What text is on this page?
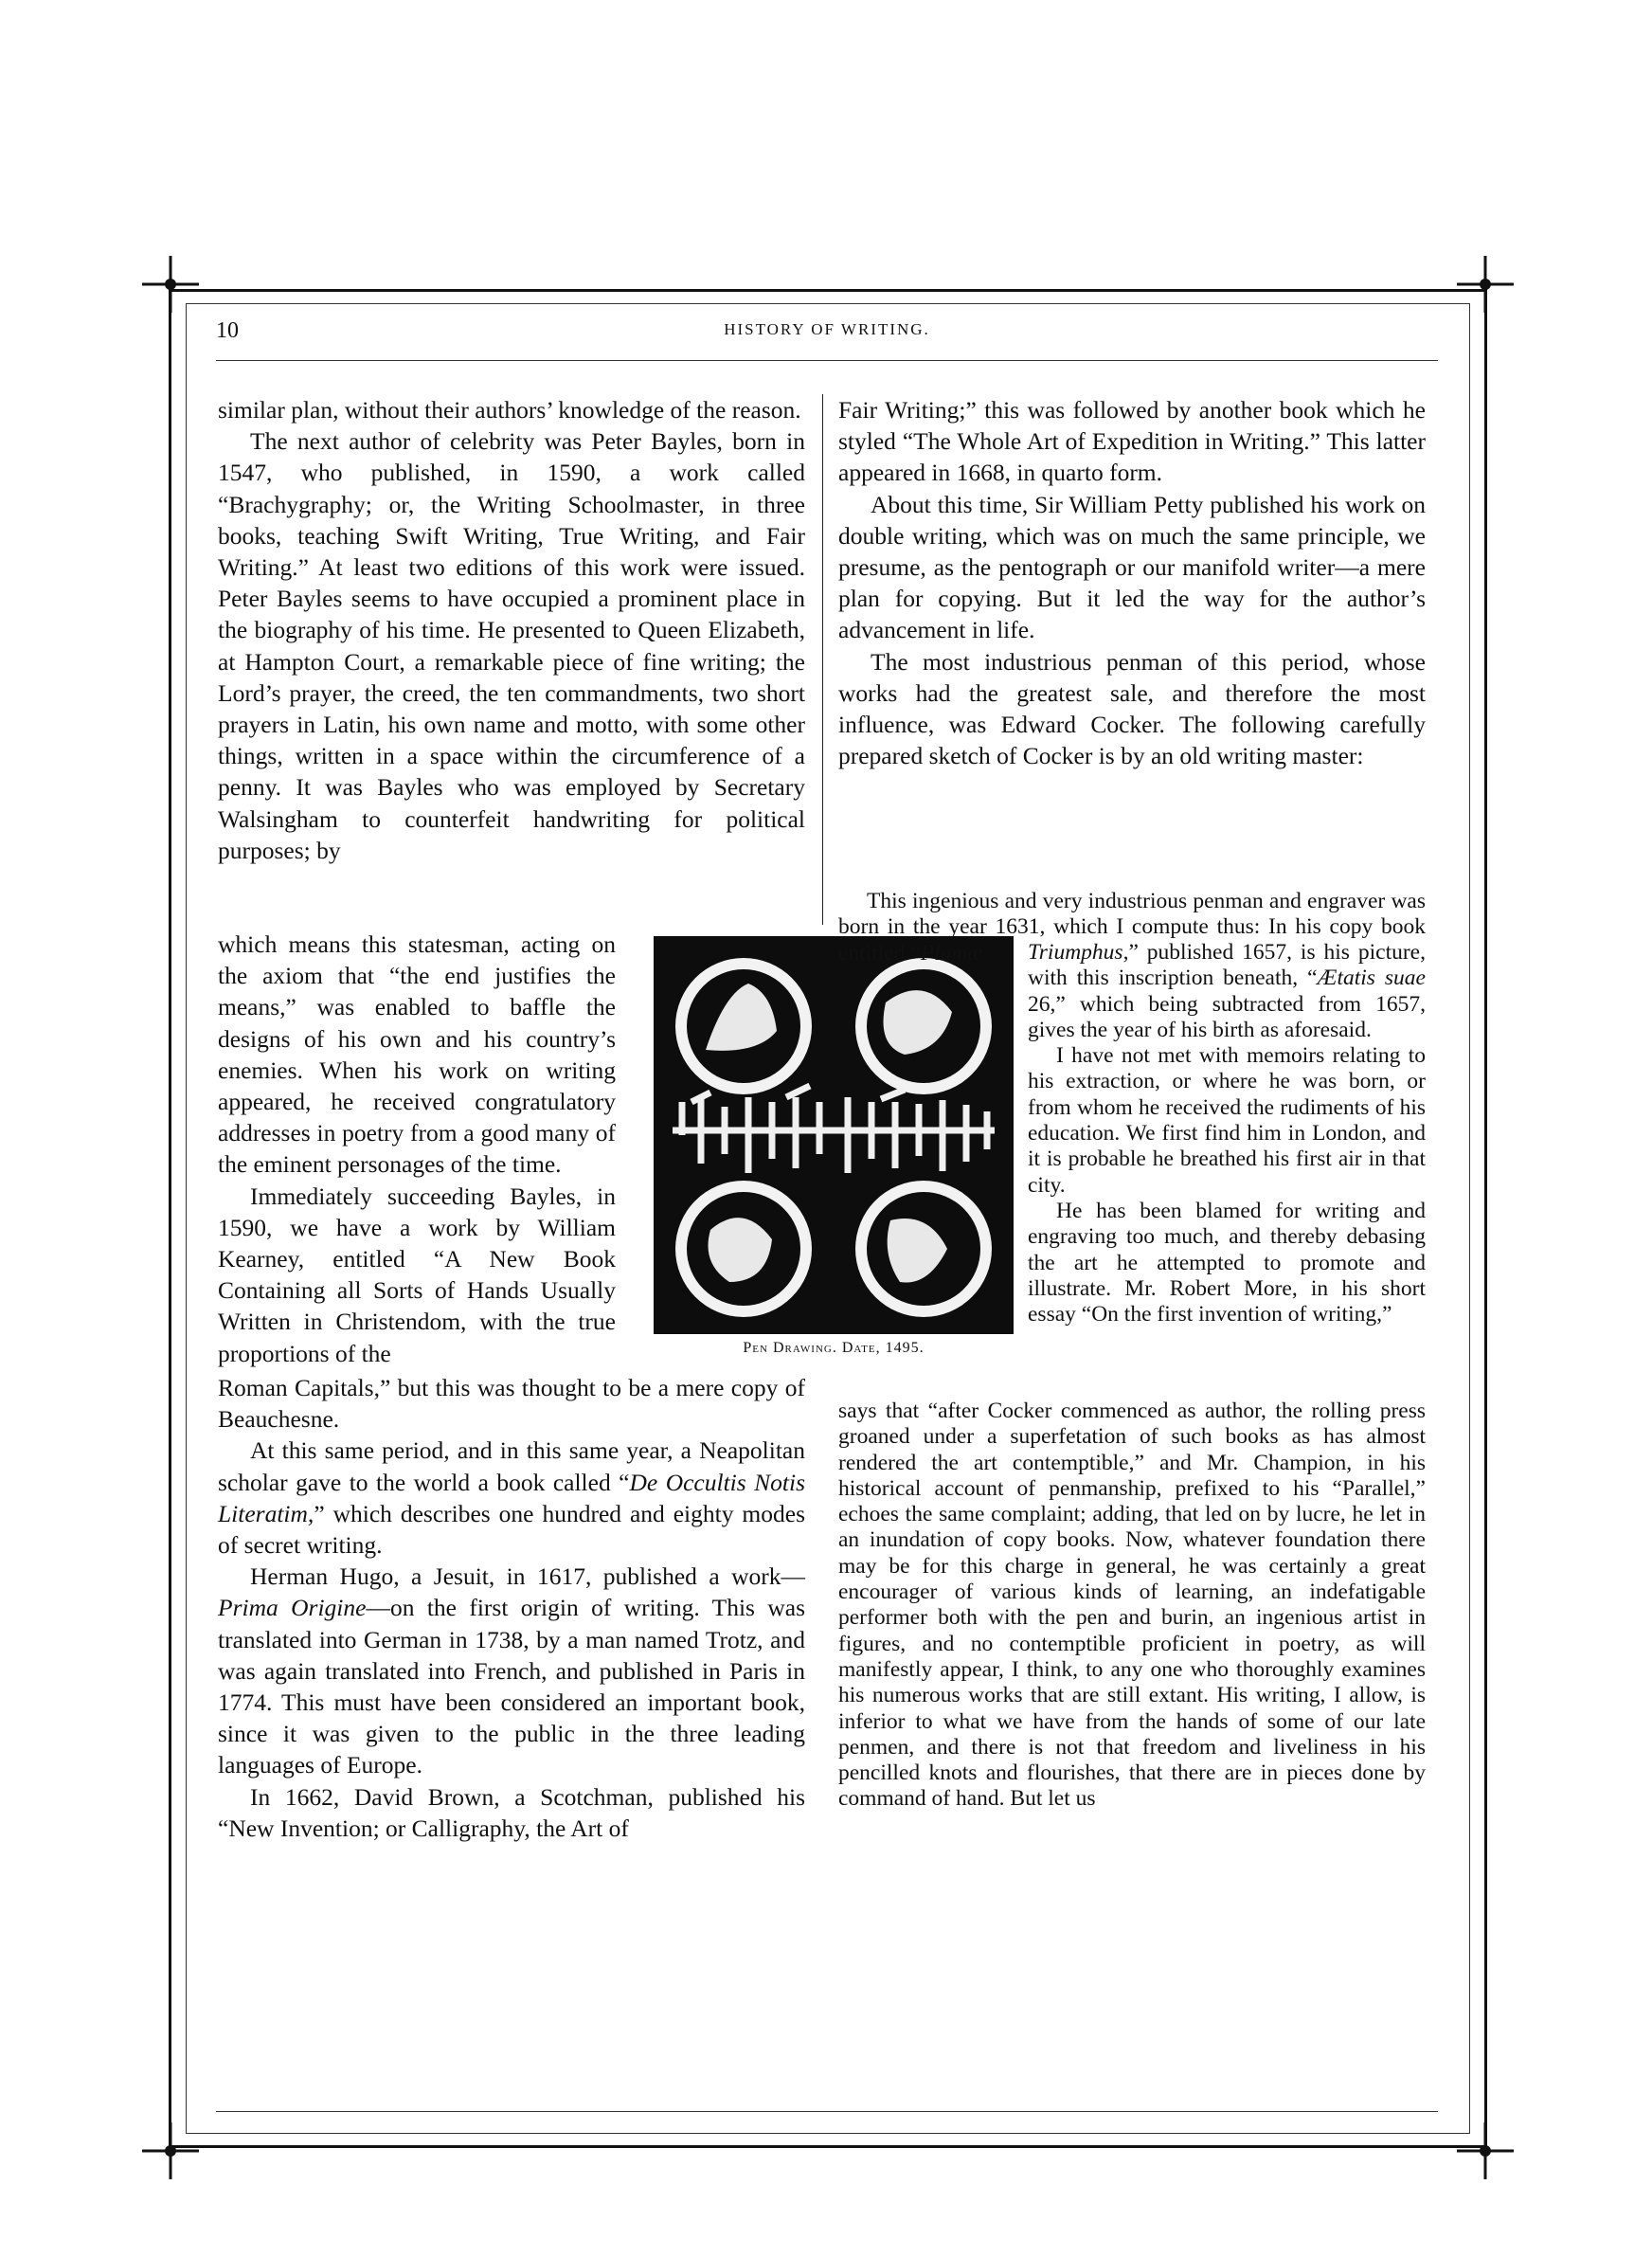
10	HISTORY OF WRITING.

similar plan, without their authors’ knowledge of the reason.

The next author of celebrity was Peter Bayles, born in 1547, who published, in 1590, a work called “Brachygraphy; or, the Writing Schoolmaster, in three books, teaching Swift Writing, True Writing, and Fair Writing.” At least two editions of this work were issued. Peter Bayles seems to have occupied a prominent place in the biography of his time. He presented to Queen Elizabeth, at Hampton Court, a remarkable piece of fine writing; the Lord’s prayer, the creed, the ten commandments, two short prayers in Latin, his own name and motto, with some other things, written in a space within the circumference of a penny. It was Bayles who was employed by Secretary Walsingham to counterfeit handwriting for political purposes; by

which means this statesman, acting on the axiom that “the end justifies the means,” was enabled to baffle the designs of his own and his country’s enemies. When his work on writing appeared, he received congratulatory addresses in poetry from a good many of the eminent personages of the time.

Immediately succeeding Bayles, in 1590, we have a work by William Kearney, entitled “A New Book Containing all Sorts of Hands Usually Written in Christendom, with the true proportions of the	Pen Drawing. Date, 1495.

Roman Capitals,” but this was thought to be a mere copy of Beauchesne.

At this same period, and in this same year, a Neapolitan scholar gave to the world a book called “De Occultis Notis Literatim,” which describes one hundred and eighty modes of secret writing.

Herman Hugo, a Jesuit, in 1617, published a work—Prima Origine—on the first origin of writing. This was translated into German in 1738, by a man named Trotz, and was again translated into French, and published in Paris in 1774. This must have been considered an important book, since it was given to the public in the three leading languages of Europe.

In 1662, David Brown, a Scotchman, published his “New Invention; or Calligraphy, the Art of

Fair Writing;” this was followed by another book which he styled “The Whole Art of Expedition in Writing.” This latter appeared in 1668, in quarto form.

About this time, Sir William Petty published his work on double writing, which was on much the same principle, we presume, as the pentograph or our manifold writer—a mere plan for copying. But it led the way for the author’s advancement in life.

The most industrious penman of this period, whose works had the greatest sale, and therefore the most influence, was Edward Cocker. The following carefully prepared sketch of Cocker is by an old writing master:

This ingenious and very industrious penman and engraver was born in the year 1631, which I compute thus: In his copy book entitled “Plumæ	Triumphus,” published 1657, is his picture, with this inscription beneath, “Ætatis suae 26,” which being subtracted from 1657, gives the year of his birth as aforesaid.

I have not met with memoirs relating to his extraction, or where he was born, or from whom he received the rudiments of his education. We first find him in London, and it is probable he breathed his first air in that city.

He has been blamed for writing and engraving too much, and thereby debasing the art he attempted to promote and illustrate. Mr. Robert More, in his short essay “On the first invention of writing,”

says that “after Cocker commenced as author, the rolling press groaned under a superfetation of such books as has almost rendered the art contemptible,” and Mr. Champion, in his historical account of penmanship, prefixed to his “Parallel,” echoes the same complaint; adding, that led on by lucre, he let in an inundation of copy books. Now, whatever foundation there may be for this charge in general, he was certainly a great encourager of various kinds of learning, an indefatigable performer both with the pen and burin, an ingenious artist in figures, and no contemptible proficient in poetry, as will manifestly appear, I think, to any one who thoroughly examines his numerous works that are still extant. His writing, I allow, is inferior to what we have from the hands of some of our late penmen, and there is not that freedom and liveliness in his pencilled knots and flourishes, that there are in pieces done by command of hand. But let us
